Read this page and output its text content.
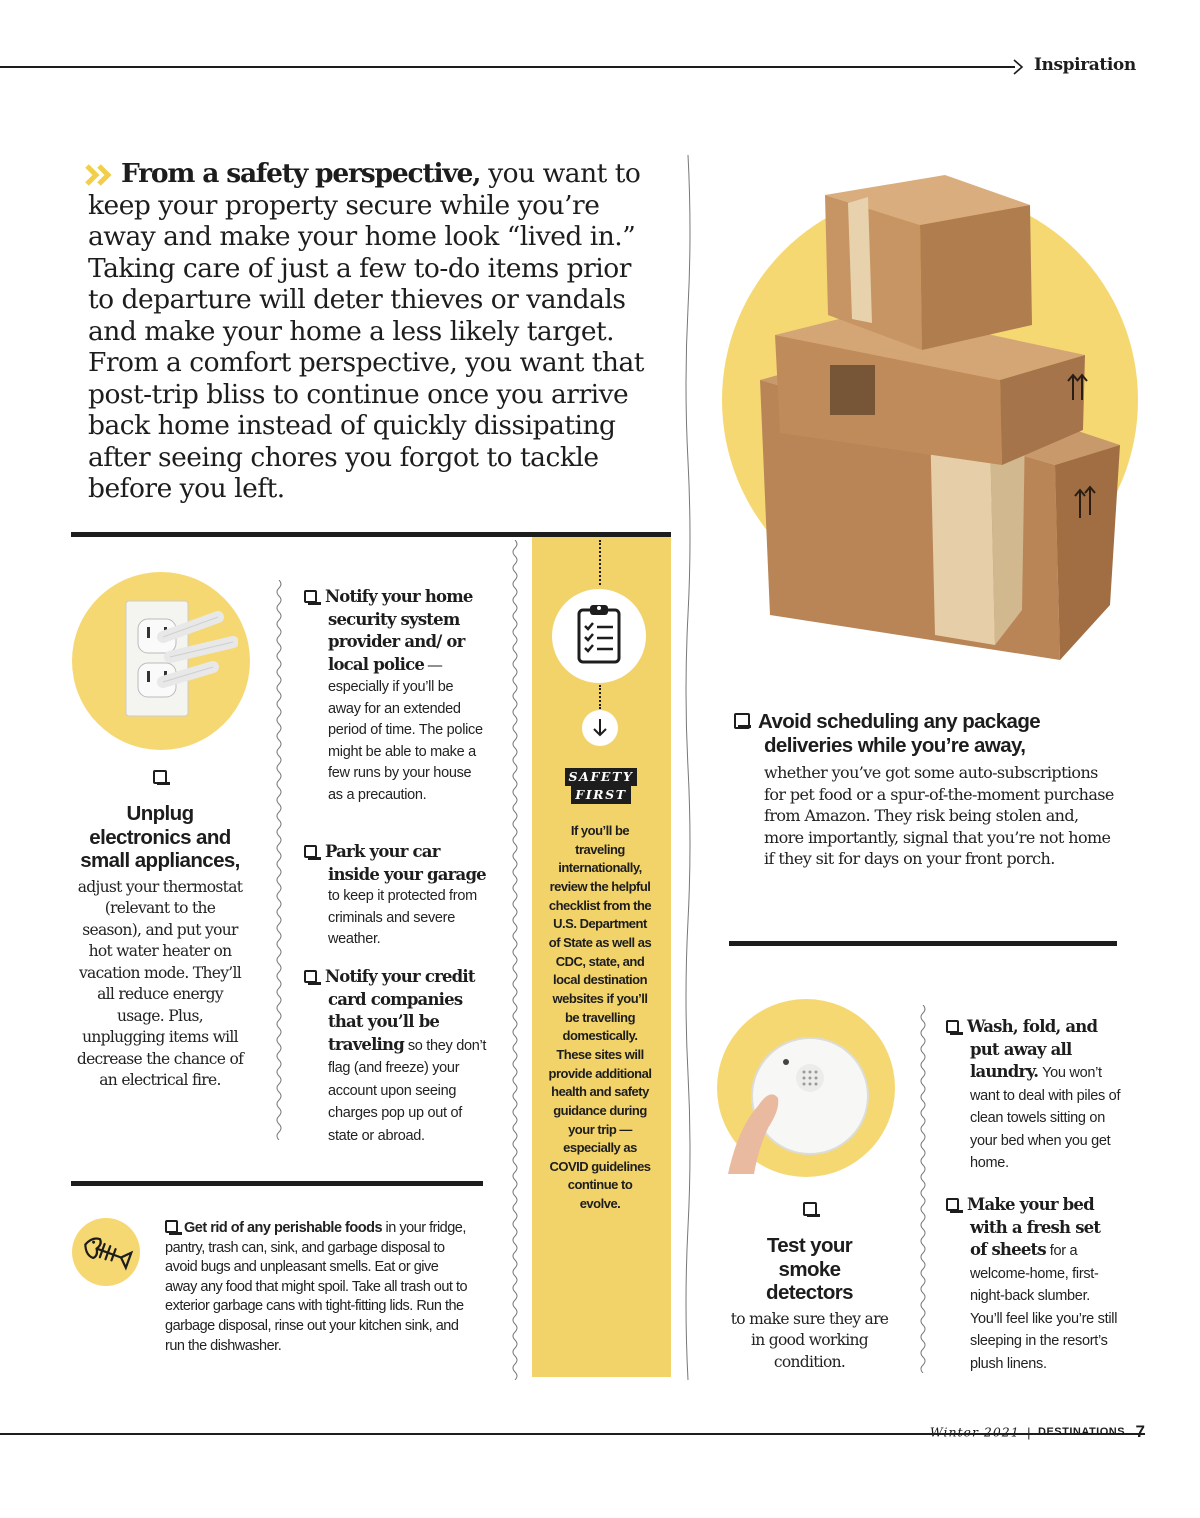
Inspiration
From a safety perspective, you want to keep your property secure while you’re away and make your home look “lived in.” Taking care of just a few to-do items prior to departure will deter thieves or vandals and make your home a less likely target. From a comfort perspective, you want that post-trip bliss to continue once you arrive back home instead of quickly dissipating after seeing chores you forgot to tackle before you left.
Avoid scheduling any package deliveries while you’re away,
whether you’ve got some auto-subscriptions for pet food or a spur-of-the-moment purchase from Amazon. They risk being stolen and, more importantly, signal that you’re not home if they sit for days on your front porch.
Unplug electronics and small appliances,
adjust your thermostat (relevant to the season), and put your hot water heater on vacation mode. They’ll all reduce energy usage. Plus, unplugging items will decrease the chance of an electrical fire.
Notify your home security system provider and/ or local police —
especially if you’ll be away for an extended period of time. The police might be able to make a few runs by your house as a precaution.
Park your car inside your garage
to keep it protected from criminals and severe weather.
Notify your credit card companies that you’ll be traveling so they don’t flag (and freeze) your account upon seeing charges pop up out of state or abroad.
Get rid of any perishable foods in your fridge, pantry, trash can, sink, and garbage disposal to avoid bugs and unpleasant smells. Eat or give away any food that might spoil. Take all trash out to exterior garbage cans with tight-fitting lids. Run the garbage disposal, rinse out your kitchen sink, and run the dishwasher.
SAFETY
FIRST
If you’ll be traveling internationally, review the helpful checklist from the U.S. Department of State as well as CDC, state, and local destination websites if you’ll be travelling domestically. These sites will provide additional health and safety guidance during your trip — especially as COVID guidelines continue to evolve.
Test your smoke detectors
to make sure they are in good working condition.
Wash, fold, and put away all laundry. You won’t want to deal with piles of clean towels sitting on your bed when you get home.
Make your bed with a fresh set of sheets for a welcome-home, first-night-back slumber. You’ll feel like you’re still sleeping in the resort’s plush linens.
Winter 2021 | DESTINATIONS 7
